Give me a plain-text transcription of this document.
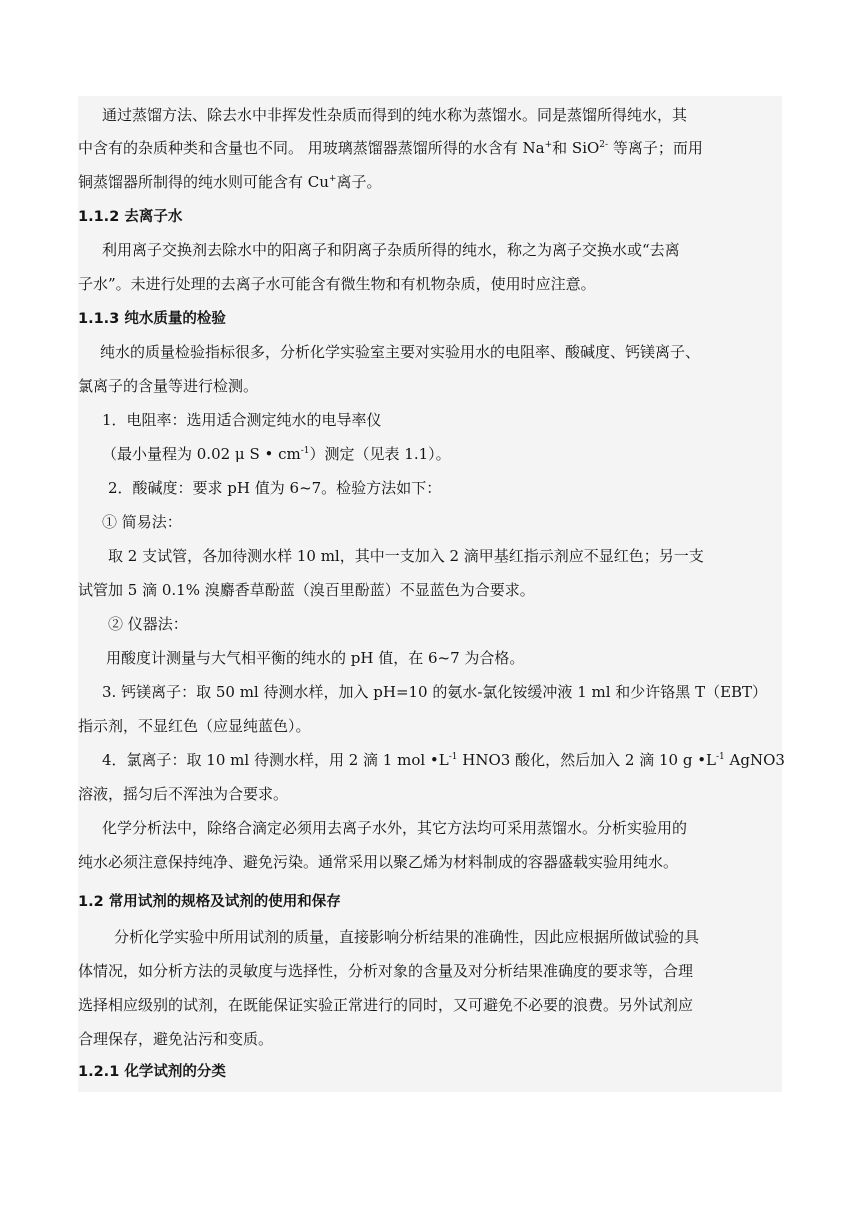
通过蒸馏方法、除去水中非挥发性杂质而得到的纯水称为蒸馏水。同是蒸馏所得纯水，其

中含有的杂质种类和含量也不同。 用玻璃蒸馏器蒸馏所得的水含有 Na+和 SiO$^{2-}$ 等离子；而用

铜蒸馏器所制得的纯水则可能含有 Cu+离子。

1.1.2 去离子水

利用离子交换剂去除水中的阳离子和阴离子杂质所得的纯水，称之为离子交换水或“去离

子水”。未进行处理的去离子水可能含有微生物和有机物杂质，使用时应注意。

1.1.3 纯水质量的检验

纯水的质量检验指标很多，分析化学实验室主要对实验用水的电阻率、酸碱度、钙镁离子、

氯离子的含量等进行检测。

1．电阻率：选用适合测定纯水的电导率仪

（最小量程为 0.02 μ S • $cm^{-1}$）测定（见表 1.1）。

2．酸碱度：要求 pH 值为 6~7。检验方法如下：

① 简易法：

取 2 支试管，各加待测水样 10 ml，其中一支加入 2 滴甲基红指示剂应不显红色；另一支

试管加 5 滴 0.1% 溴麝香草酚蓝（溴百里酚蓝）不显蓝色为合要求。

② 仪器法：

用酸度计测量与大气相平衡的纯水的 pH 值，在 6~7 为合格。

3. 钙镁离子：取 50 ml 待测水样，加入 pH=10 的氨水-氯化铵缓冲液 1 ml 和少许铬黑 T（EBT）

指示剂，不显红色（应显纯蓝色）。

4．氯离子：取 10 ml 待测水样，用 2 滴 1 mol $•L^{-1}$ HNO3 酸化，然后加入 2 滴 10 g $•L^{-1}$ AgNO3

溶液，摇匀后不浑浊为合要求。

化学分析法中，除络合滴定必须用去离子水外，其它方法均可采用蒸馏水。分析实验用的

纯水必须注意保持纯净、避免污染。通常采用以聚乙烯为材料制成的容器盛载实验用纯水。

1.2 常用试剂的规格及试剂的使用和保存

分析化学实验中所用试剂的质量，直接影响分析结果的准确性，因此应根据所做试验的具

体情况，如分析方法的灵敏度与选择性，分析对象的含量及对分析结果准确度的要求等，合理

选择相应级别的试剂，在既能保证实验正常进行的同时，又可避免不必要的浪费。另外试剂应

合理保存，避免沾污和变质。

1.2.1 化学试剂的分类
